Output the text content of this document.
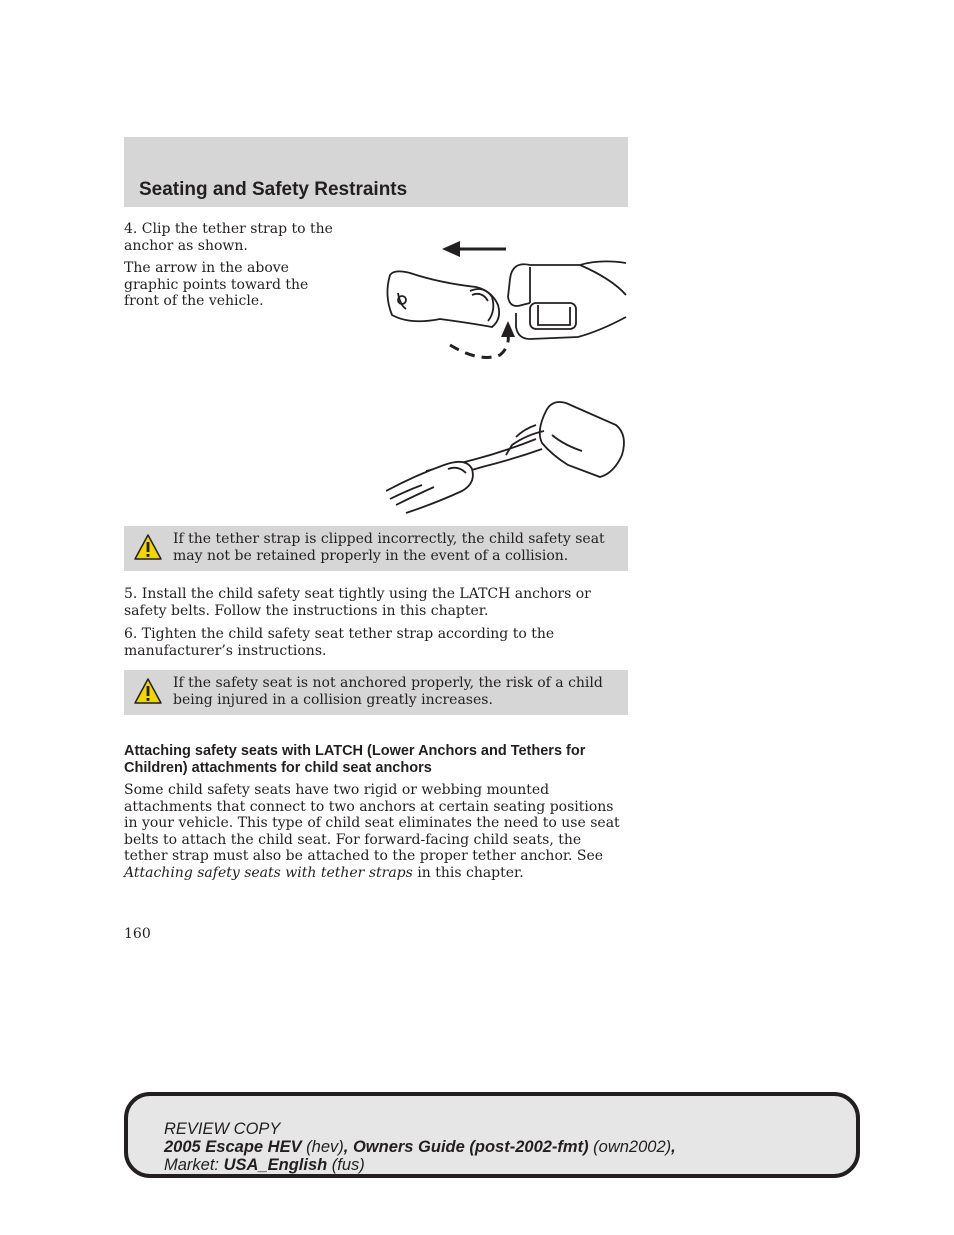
Seating and Safety Restraints

4. Clip the tether strap to the anchor as shown.

The arrow in the above graphic points toward the front of the vehicle.

If the tether strap is clipped incorrectly, the child safety seat may not be retained properly in the event of a collision.

5. Install the child safety seat tightly using the LATCH anchors or safety belts. Follow the instructions in this chapter.

6. Tighten the child safety seat tether strap according to the manufacturer’s instructions.

If the safety seat is not anchored properly, the risk of a child being injured in a collision greatly increases.

Attaching safety seats with LATCH (Lower Anchors and Tethers for Children) attachments for child seat anchors

Some child safety seats have two rigid or webbing mounted attachments that connect to two anchors at certain seating positions in your vehicle. This type of child seat eliminates the need to use seat belts to attach the child seat. For forward-facing child seats, the tether strap must also be attached to the proper tether anchor. See Attaching safety seats with tether straps in this chapter.

160

REVIEW COPY
2005 Escape HEV (hev), Owners Guide (post-2002-fmt) (own2002),
Market: USA_English (fus)
